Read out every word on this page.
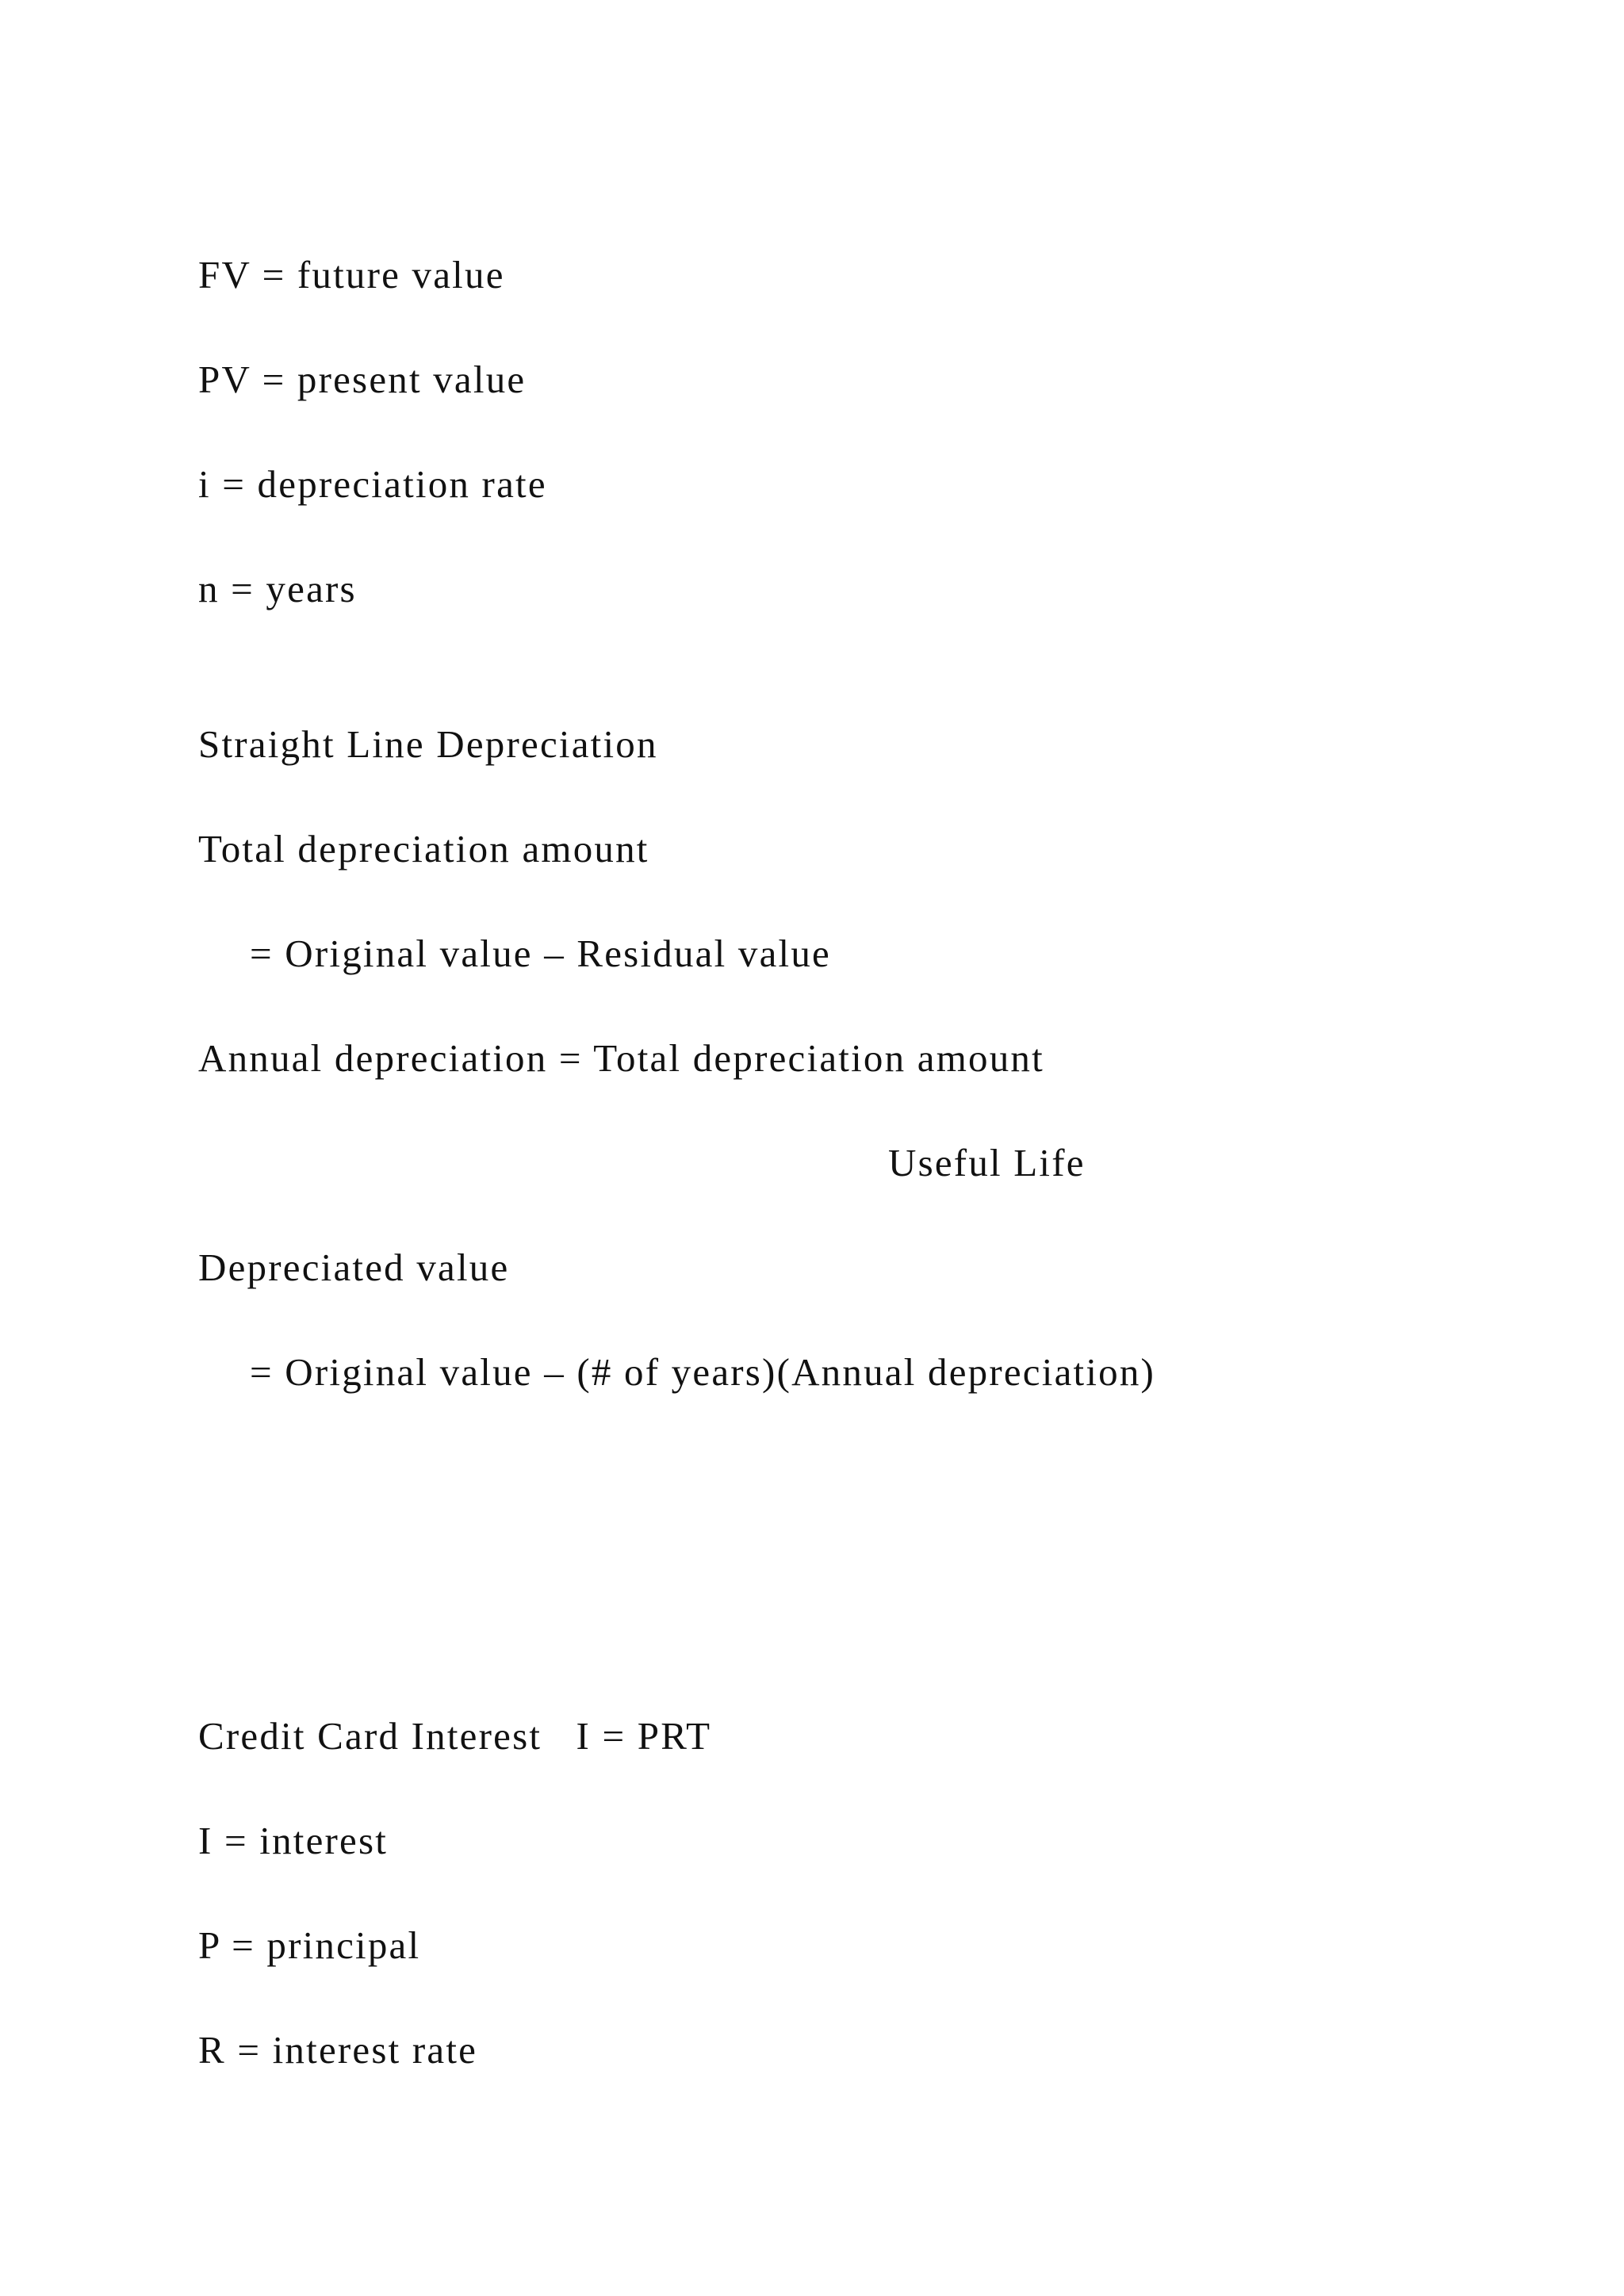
FV = future value

PV = present value

i = depreciation rate

n = years

Straight Line Depreciation

Total depreciation amount

= Original value – Residual value

Annual depreciation = Total depreciation amount

Useful Life

Depreciated value

= Original value – (# of years)(Annual depreciation)

Credit Card Interest   I = PRT

I = interest

P = principal

R = interest rate
